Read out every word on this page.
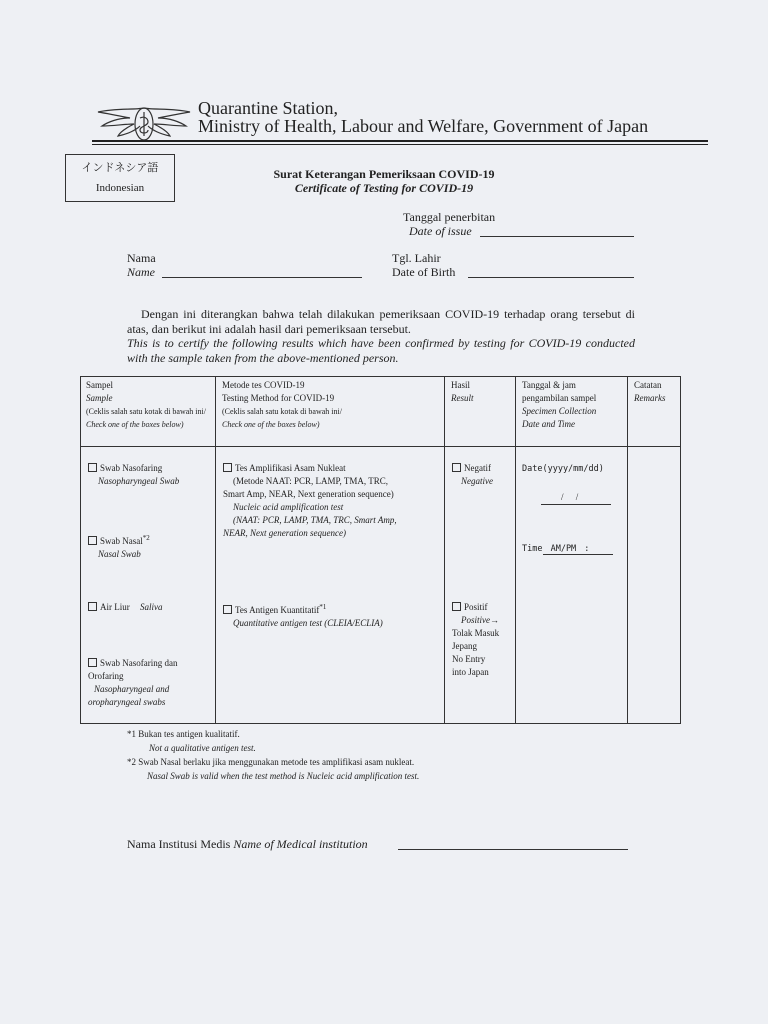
Quarantine Station,
Ministry of Health, Labour and Welfare, Government of Japan
インドネシア語
Indonesian
Surat Keterangan Pemeriksaan COVID-19
Certificate of Testing for COVID-19
Tanggal penerbitan
Date of issue
Nama
Name
Tgl. Lahir
Date of Birth
Dengan ini diterangkan bahwa telah dilakukan pemeriksaan COVID-19 terhadap orang tersebut di atas, dan berikut ini adalah hasil dari pemeriksaan tersebut.
This is to certify the following results which have been confirmed by testing for COVID-19 conducted with the sample taken from the above-mentioned person.
Sampel
Sample
(Ceklis salah satu kotak di bawah ini/
Check one of the boxes below)
Metode tes COVID-19
Testing Method for COVID-19
(Ceklis salah satu kotak di bawah ini/
Check one of the boxes below)
Hasil
Result
Tanggal & jam
pengambilan sampel
Specimen Collection
Date and Time
Catatan
Remarks
Swab Nasofaring
Nasopharyngeal Swab
Swab Nasal$^{*2}$
Nasal Swab
Air Liur Saliva
Swab Nasofaring dan
Orofaring
Nasopharyngeal and
oropharyngeal swabs
Tes Amplifikasi Asam Nukleat
(Metode NAAT: PCR, LAMP, TMA, TRC,
Smart Amp, NEAR, Next generation sequence)
Nucleic acid amplification test
(NAAT: PCR, LAMP, TMA, TRC, Smart Amp,
NEAR, Next generation sequence)
Tes Antigen Kuantitatif$^{*1}$
Quantitative antigen test (CLEIA/ECLIA)
Negatif
Negative
Positif
Positive→
Tolak Masuk
Jepang
No Entry
into Japan
Date(yyyy/mm/dd)
/ /
Time AM/PM :
*1 Bukan tes antigen kualitatif.
Not a qualitative antigen test.
*2 Swab Nasal berlaku jika menggunakan metode tes amplifikasi asam nukleat.
Nasal Swab is valid when the test method is Nucleic acid amplification test.
Nama Institusi Medis Name of Medical institution
